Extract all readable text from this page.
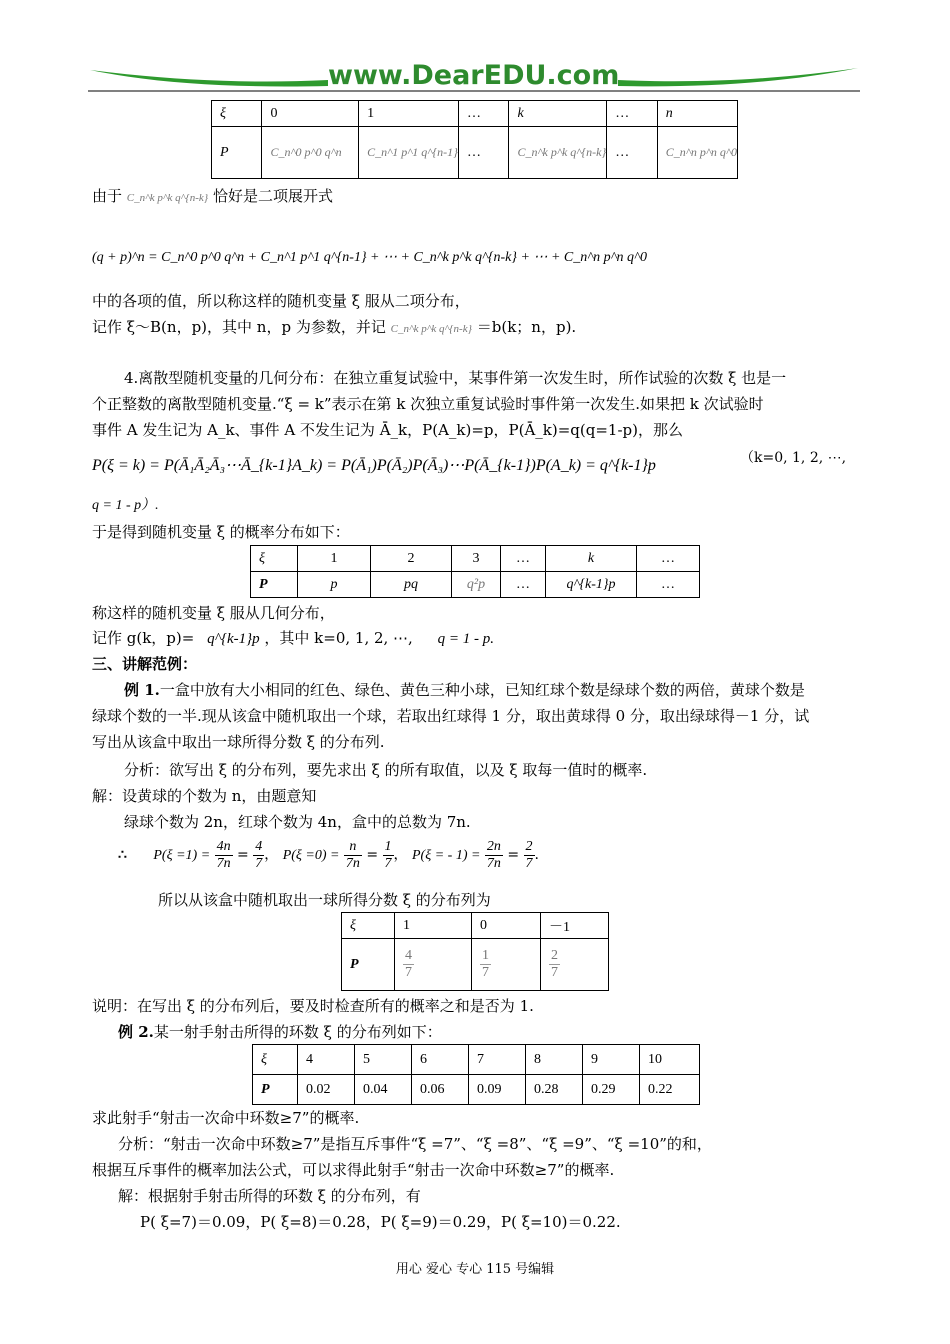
www.DearEDU.com
ξ	0	1	…	k	…	n
P	C_n^0 p^0 q^n	C_n^1 p^1 q^{n-1}	…	C_n^k p^k q^{n-k}	…	C_n^n p^n q^0
由于 C_n^k p^k q^{n-k} 恰好是二项展开式
(q + p)^n = C_n^0 p^0 q^n + C_n^1 p^1 q^{n-1} + ⋯ + C_n^k p^k q^{n-k} + ⋯ + C_n^n p^n q^0
中的各项的值，所以称这样的随机变量 ξ 服从二项分布，
记作 ξ～B(n，p)，其中 n，p 为参数，并记 C_n^k p^k q^{n-k} ＝b(k；n，p).
4.离散型随机变量的几何分布：在独立重复试验中，某事件第一次发生时，所作试验的次数 ξ 也是一
个正整数的离散型随机变量.“ξ = k”表示在第 k 次独立重复试验时事件第一次发生.如果把 k 次试验时
事件 A 发生记为 A_k、事件 A 不发生记为 Ā_k，P(A_k)=p，P(Ā_k)=q(q=1-p)，那么
P(ξ = k) = P(Ā₁Ā₂Ā₃⋯Ā_{k-1}A_k) = P(Ā₁)P(Ā₂)P(Ā₃)⋯P(Ā_{k-1})P(A_k) = q^{k-1}p	（k=0, 1, 2, ⋯,
q = 1 - p）.
于是得到随机变量 ξ 的概率分布如下：
ξ	1	2	3	…	k	…
P	p	pq	q²p	…	q^{k-1}p	…
称这样的随机变量 ξ 服从几何分布，
记作 g(k，p)= q^{k-1}p ，其中 k=0, 1, 2, ⋯, q = 1 - p.
三、讲解范例：
例 1.一盒中放有大小相同的红色、绿色、黄色三种小球，已知红球个数是绿球个数的两倍，黄球个数是
绿球个数的一半.现从该盒中随机取出一个球，若取出红球得 1 分，取出黄球得 0 分，取出绿球得－1 分，试
写出从该盒中取出一球所得分数 ξ 的分布列.
分析：欲写出 ξ 的分布列，要先求出 ξ 的所有取值，以及 ξ 取每一值时的概率.
解：设黄球的个数为 n，由题意知
绿球个数为 2n，红球个数为 4n，盒中的总数为 7n.
∴ $P(\xi =1) = \frac{4n}{7n} = \frac{4}{7}$ ， $P(\xi =0) = \frac{n}{7n} = \frac{1}{7}$ ， P(ξ = - $1) = \frac{2n}{7n} = \frac{2}{7}$ .
所以从该盒中随机取出一球所得分数 ξ 的分布列为
ξ	1	0	－1
P	$\frac{4}{7}$	$\frac{1}{7}$	$\frac{2}{7}$
说明：在写出 ξ 的分布列后，要及时检查所有的概率之和是否为 1.
例 2.某一射手射击所得的环数 ξ 的分布列如下：
ξ	4	5	6	7	8	9	10
P	0.02	0.04	0.06	0.09	0.28	0.29	0.22
求此射手“射击一次命中环数≥7”的概率.
分析：“射击一次命中环数≥7”是指互斥事件“ξ =7”、“ξ =8”、“ξ =9”、“ξ =10”的和，
根据互斥事件的概率加法公式，可以求得此射手“射击一次命中环数≥7”的概率.
解：根据射手射击所得的环数 ξ 的分布列，有
P( ξ=7)＝0.09，P( ξ=8)＝0.28，P( ξ=9)＝0.29，P( ξ=10)＝0.22.
用心 爱心 专心 115 号编辑
